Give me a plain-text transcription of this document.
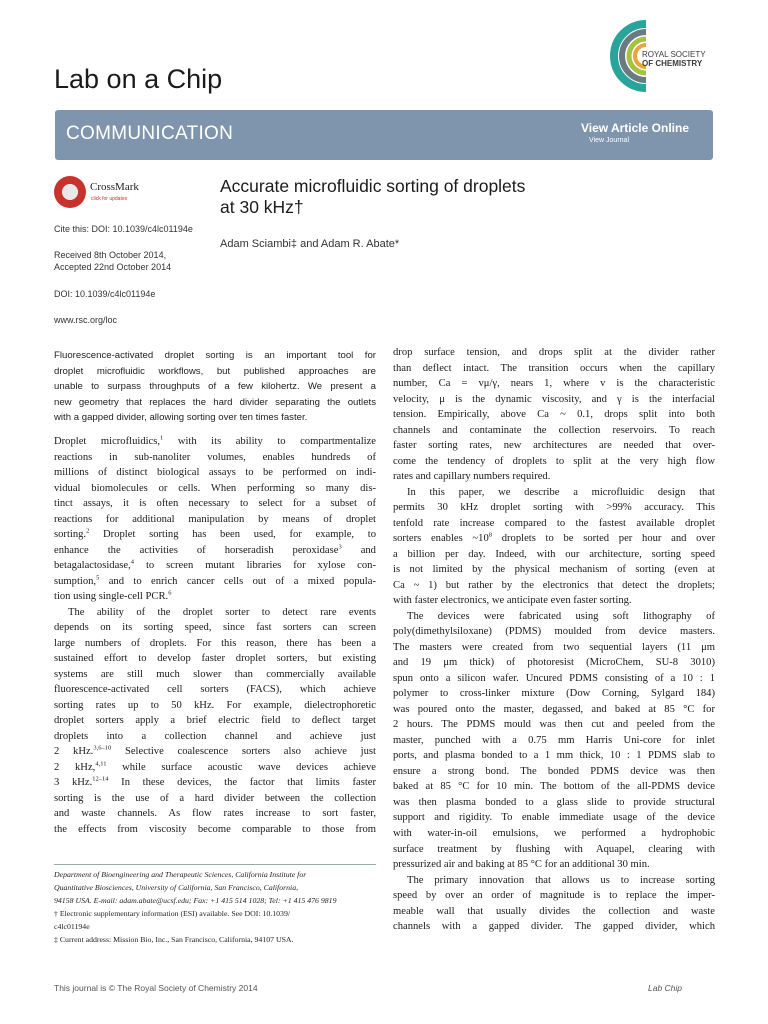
Lab on a Chip
ROYAL SOCIETY
OF CHEMISTRY
COMMUNICATION	View Article Online
View Journal
CrossMark
click for updates
Cite this: DOI: 10.1039/c4lc01194e
Received 8th October 2014,
Accepted 22nd October 2014
DOI: 10.1039/c4lc01194e
www.rsc.org/loc
Accurate microfluidic sorting of droplets
at 30 kHz†
Adam Sciambi‡ and Adam R. Abate*
Fluorescence-activated droplet sorting is an important tool for
droplet microfluidic workflows, but published approaches are
unable to surpass throughputs of a few kilohertz. We present a
new geometry that replaces the hard divider separating the outlets
with a gapped divider, allowing sorting over ten times faster.

Droplet microfluidics,$^1$ with its ability to compartmentalize
reactions in sub-nanoliter volumes, enables hundreds of
millions of distinct biological assays to be performed on indi-
vidual biomolecules or cells. When performing so many dis-
tinct assays, it is often necessary to select for a subset of
reactions for additional manipulation by means of droplet
sorting.$^2$ Droplet sorting has been used, for example, to
enhance the activities of horseradish peroxidase$^3$ and
betagalactosidase,$^4$ to screen mutant libraries for xylose con-
sumption,$^5$ and to enrich cancer cells out of a mixed popula-
tion using single-cell PCR.$^6$

The ability of the droplet sorter to detect rare events
depends on its sorting speed, since fast sorters can screen
large numbers of droplets. For this reason, there has been a
sustained effort to develop faster droplet sorters, but existing
systems are still much slower than commercially available
fluorescence-activated cell sorters (FACS), which achieve
sorting rates up to 50 kHz. For example, dielectrophoretic
droplet sorters apply a brief electric field to deflect target
droplets into a collection channel and achieve just
2 kHz.$^{3,6-10}$ Selective coalescence sorters also achieve just
2 kHz,$^{4,11}$ while surface acoustic wave devices achieve
3 kHz.$^{12-14}$ In these devices, the factor that limits faster
sorting is the use of a hard divider between the collection
and waste channels. As flow rates increase to sort faster,
the effects from viscosity become comparable to those from

drop surface tension, and drops split at the divider rather
than deflect intact. The transition occurs when the capillary
number, Ca = vμ/γ, nears 1, where v is the characteristic
velocity, μ is the dynamic viscosity, and γ is the interfacial
tension. Empirically, above Ca ~ 0.1, drops split into both
channels and contaminate the collection reservoirs. To reach
faster sorting rates, new architectures are needed that over-
come the tendency of droplets to split at the very high flow
rates and capillary numbers required.

In this paper, we describe a microfluidic design that
permits 30 kHz droplet sorting with >99% accuracy. This
tenfold rate increase compared to the fastest available droplet
sorters enables $\sim 10^8$ droplets to be sorted per hour and over
a billion per day. Indeed, with our architecture, sorting speed
is not limited by the physical mechanism of sorting (even at
Ca ~ 1) but rather by the electronics that detect the droplets;
with faster electronics, we anticipate even faster sorting.

The devices were fabricated using soft lithography of
poly(dimethylsiloxane) (PDMS) moulded from device masters.
The masters were created from two sequential layers (11 μm
and 19 μm thick) of photoresist (MicroChem, SU-8 3010)
spun onto a silicon wafer. Uncured PDMS consisting of a 10 : 1
polymer to cross-linker mixture (Dow Corning, Sylgard 184)
was poured onto the master, degassed, and baked at 85 °C for
2 hours. The PDMS mould was then cut and peeled from the
master, punched with a 0.75 mm Harris Uni-core for inlet
ports, and plasma bonded to a 1 mm thick, 10 : 1 PDMS slab to
ensure a strong bond. The bonded PDMS device was then
baked at 85 °C for 10 min. The bottom of the all-PDMS device
was then plasma bonded to a glass slide to provide structural
support and rigidity. To enable immediate usage of the device
with water-in-oil emulsions, we performed a hydrophobic
surface treatment by flushing with Aquapel, clearing with
pressurized air and baking at 85 °C for an additional 30 min.

The primary innovation that allows us to increase sorting
speed by over an order of magnitude is to replace the imper-
meable wall that usually divides the collection and waste
channels with a gapped divider. The gapped divider, which

Department of Bioengineering and Therapeutic Sciences, California Institute for
Quantitative Biosciences, University of California, San Francisco, California,
94158 USA. E-mail: adam.abate@ucsf.edu; Fax: +1 415 514 1028; Tel: +1 415 476 9819
† Electronic supplementary information (ESI) available. See DOI: 10.1039/
c4lc01194e
‡ Current address: Mission Bio, Inc., San Francisco, California, 94107 USA.
This journal is © The Royal Society of Chemistry 2014	Lab Chip
